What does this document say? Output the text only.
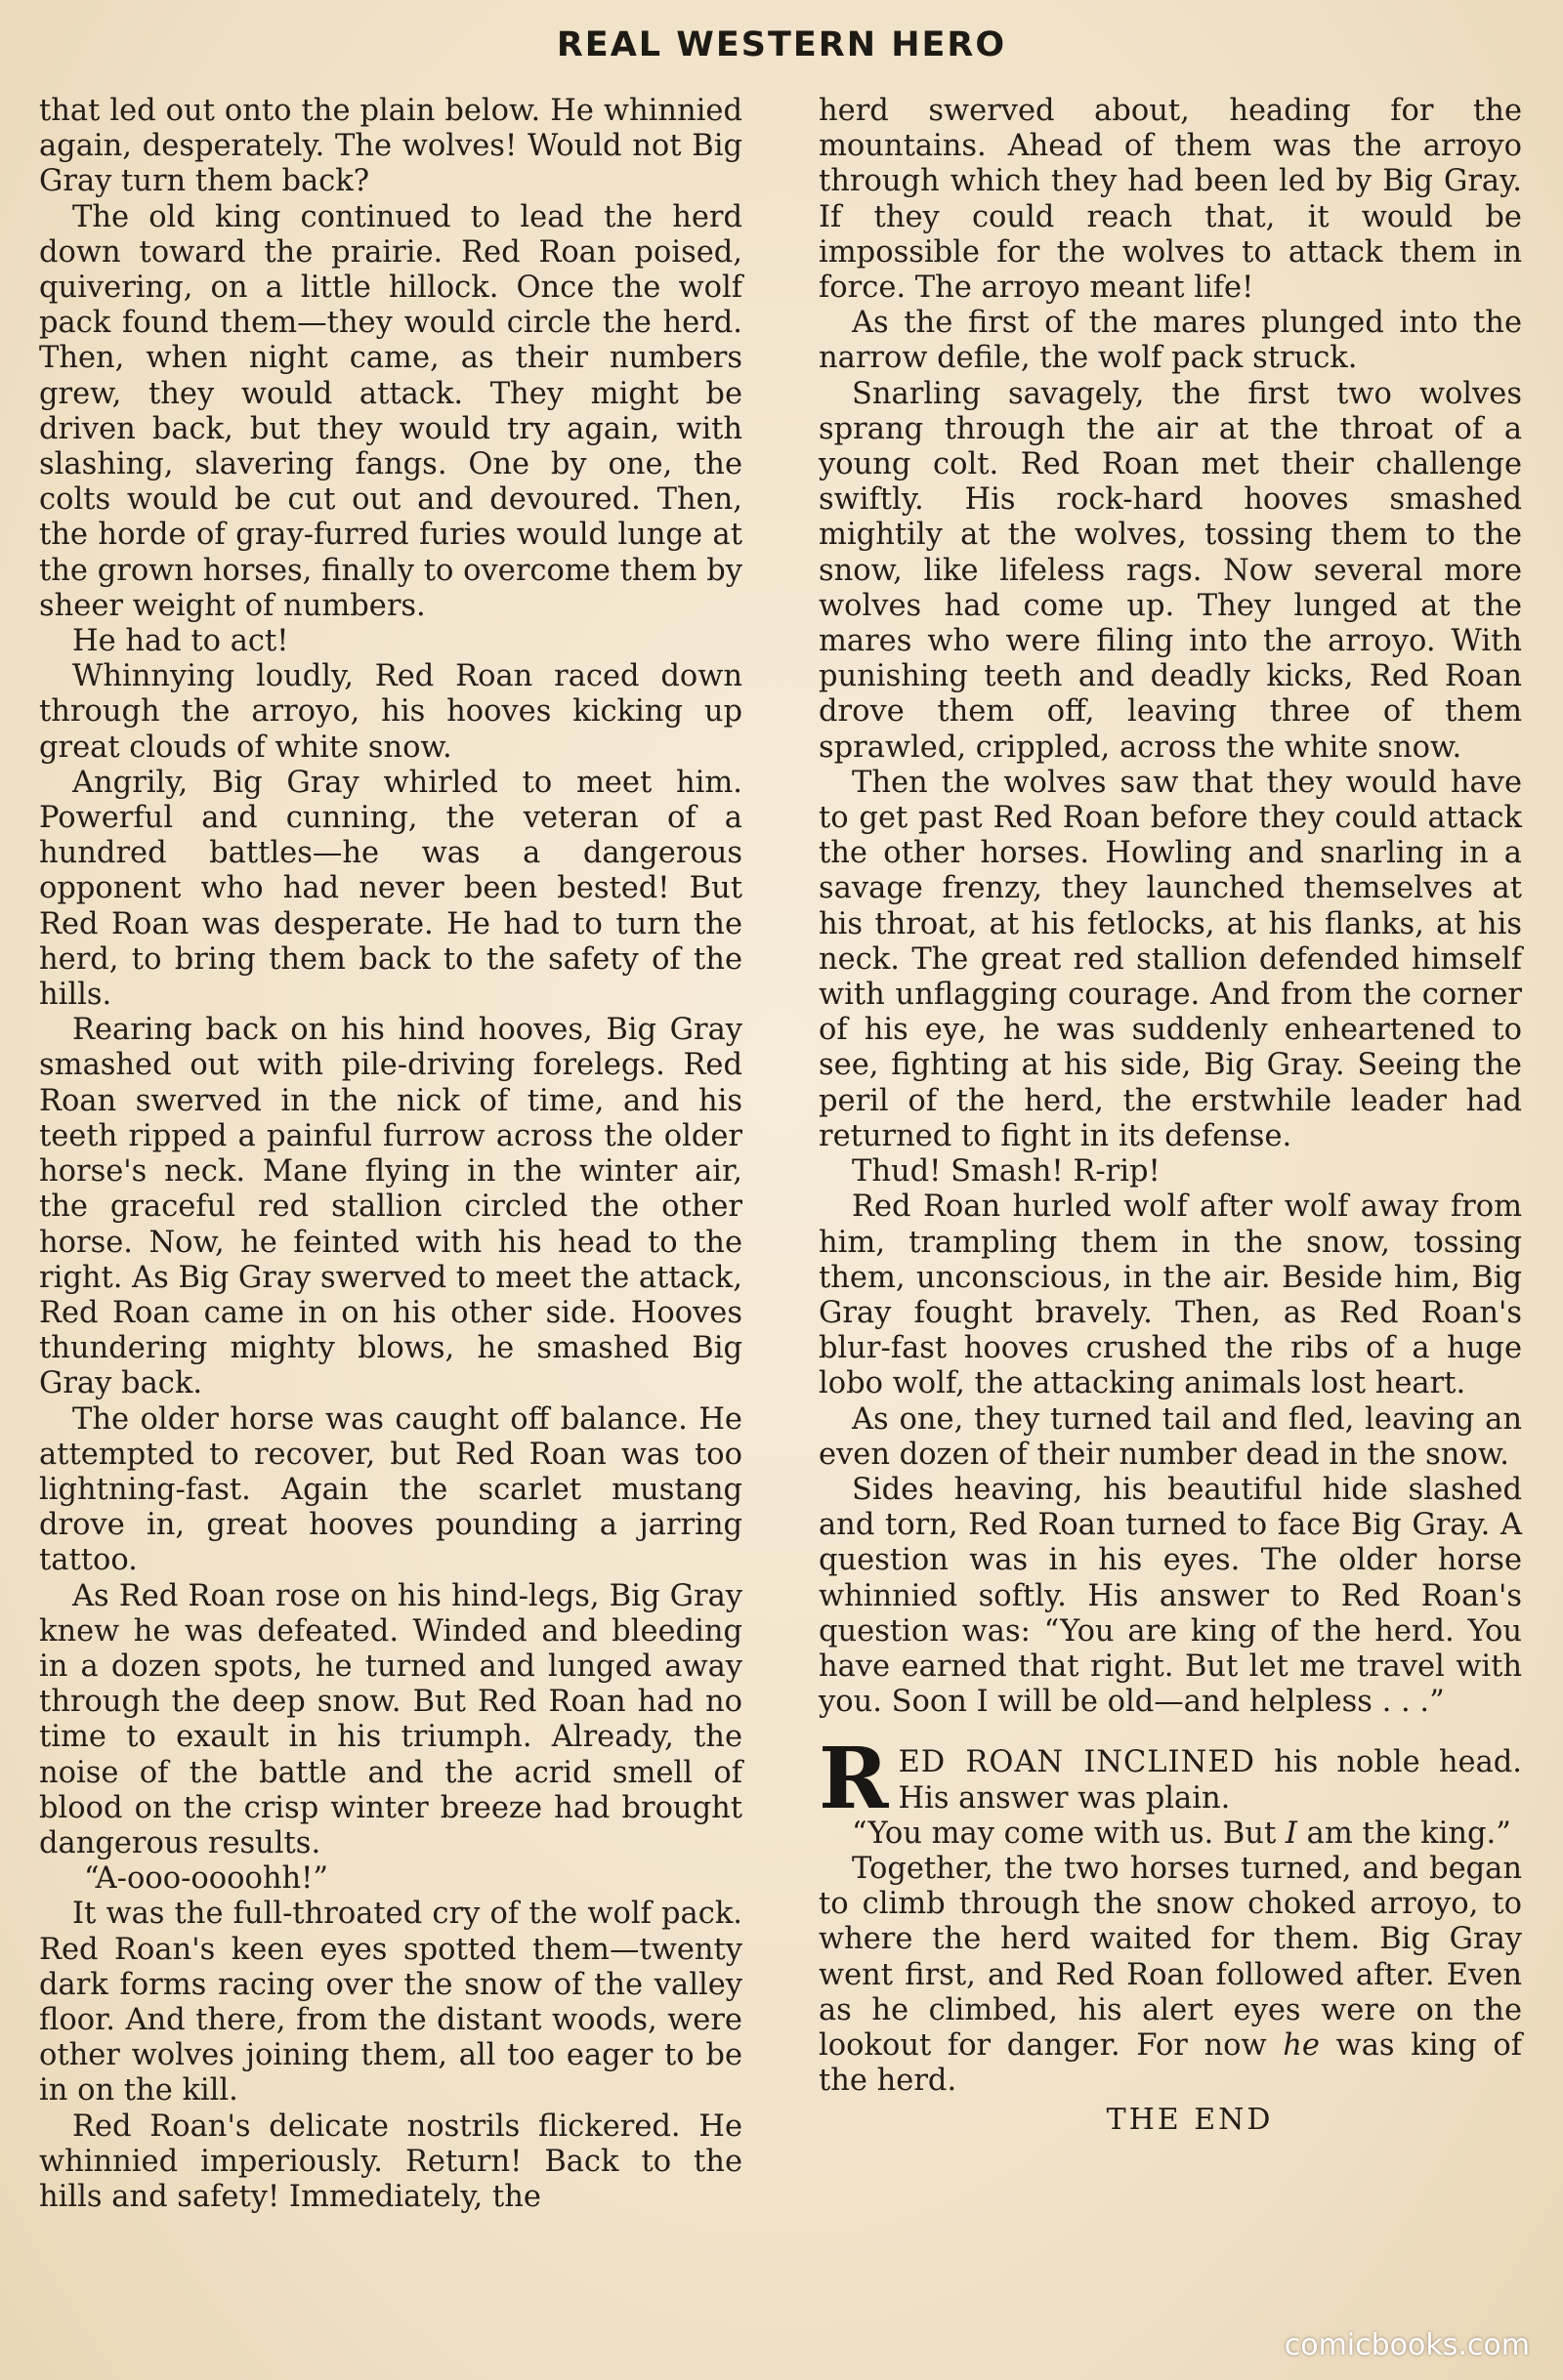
REAL WESTERN HERO

that led out onto the plain below. He whinnied again, desperately. The wolves! Would not Big Gray turn them back?

The old king continued to lead the herd down toward the prairie. Red Roan poised, quivering, on a little hillock. Once the wolf pack found them—they would circle the herd. Then, when night came, as their numbers grew, they would attack. They might be driven back, but they would try again, with slashing, slavering fangs. One by one, the colts would be cut out and devoured. Then, the horde of gray-furred furies would lunge at the grown horses, finally to overcome them by sheer weight of numbers.

He had to act!

Whinnying loudly, Red Roan raced down through the arroyo, his hooves kicking up great clouds of white snow.

Angrily, Big Gray whirled to meet him. Powerful and cunning, the veteran of a hundred battles—he was a dangerous opponent who had never been bested! But Red Roan was desperate. He had to turn the herd, to bring them back to the safety of the hills.

Rearing back on his hind hooves, Big Gray smashed out with pile-driving forelegs. Red Roan swerved in the nick of time, and his teeth ripped a painful furrow across the older horse's neck. Mane flying in the winter air, the graceful red stallion circled the other horse. Now, he feinted with his head to the right. As Big Gray swerved to meet the attack, Red Roan came in on his other side. Hooves thundering mighty blows, he smashed Big Gray back.

The older horse was caught off balance. He attempted to recover, but Red Roan was too lightning-fast. Again the scarlet mustang drove in, great hooves pounding a jarring tattoo.

As Red Roan rose on his hind-legs, Big Gray knew he was defeated. Winded and bleeding in a dozen spots, he turned and lunged away through the deep snow. But Red Roan had no time to exault in his triumph. Already, the noise of the battle and the acrid smell of blood on the crisp winter breeze had brought dangerous results.

“A-ooo-oooohh!”

It was the full-throated cry of the wolf pack. Red Roan's keen eyes spotted them—twenty dark forms racing over the snow of the valley floor. And there, from the distant woods, were other wolves joining them, all too eager to be in on the kill.

Red Roan's delicate nostrils flickered. He whinnied imperiously. Return! Back to the hills and safety! Immediately, the

herd swerved about, heading for the mountains. Ahead of them was the arroyo through which they had been led by Big Gray. If they could reach that, it would be impossible for the wolves to attack them in force. The arroyo meant life!

As the first of the mares plunged into the narrow defile, the wolf pack struck.

Snarling savagely, the first two wolves sprang through the air at the throat of a young colt. Red Roan met their challenge swiftly. His rock-hard hooves smashed mightily at the wolves, tossing them to the snow, like lifeless rags. Now several more wolves had come up. They lunged at the mares who were filing into the arroyo. With punishing teeth and deadly kicks, Red Roan drove them off, leaving three of them sprawled, crippled, across the white snow.

Then the wolves saw that they would have to get past Red Roan before they could attack the other horses. Howling and snarling in a savage frenzy, they launched themselves at his throat, at his fetlocks, at his flanks, at his neck. The great red stallion defended himself with unflagging courage. And from the corner of his eye, he was suddenly enheartened to see, fighting at his side, Big Gray. Seeing the peril of the herd, the erstwhile leader had returned to fight in its defense.

Thud! Smash! R-rip!

Red Roan hurled wolf after wolf away from him, trampling them in the snow, tossing them, unconscious, in the air. Beside him, Big Gray fought bravely. Then, as Red Roan's blur-fast hooves crushed the ribs of a huge lobo wolf, the attacking animals lost heart.

As one, they turned tail and fled, leaving an even dozen of their number dead in the snow.

Sides heaving, his beautiful hide slashed and torn, Red Roan turned to face Big Gray. A question was in his eyes. The older horse whinnied softly. His answer to Red Roan's question was: “You are king of the herd. You have earned that right. But let me travel with you. Soon I will be old—and helpless . . .”

RED ROAN INCLINED his noble head. His answer was plain.

“You may come with us. But I am the king.”

Together, the two horses turned, and began to climb through the snow choked arroyo, to where the herd waited for them. Big Gray went first, and Red Roan followed after. Even as he climbed, his alert eyes were on the lookout for danger. For now he was king of the herd.

THE END
comicbooks.com
